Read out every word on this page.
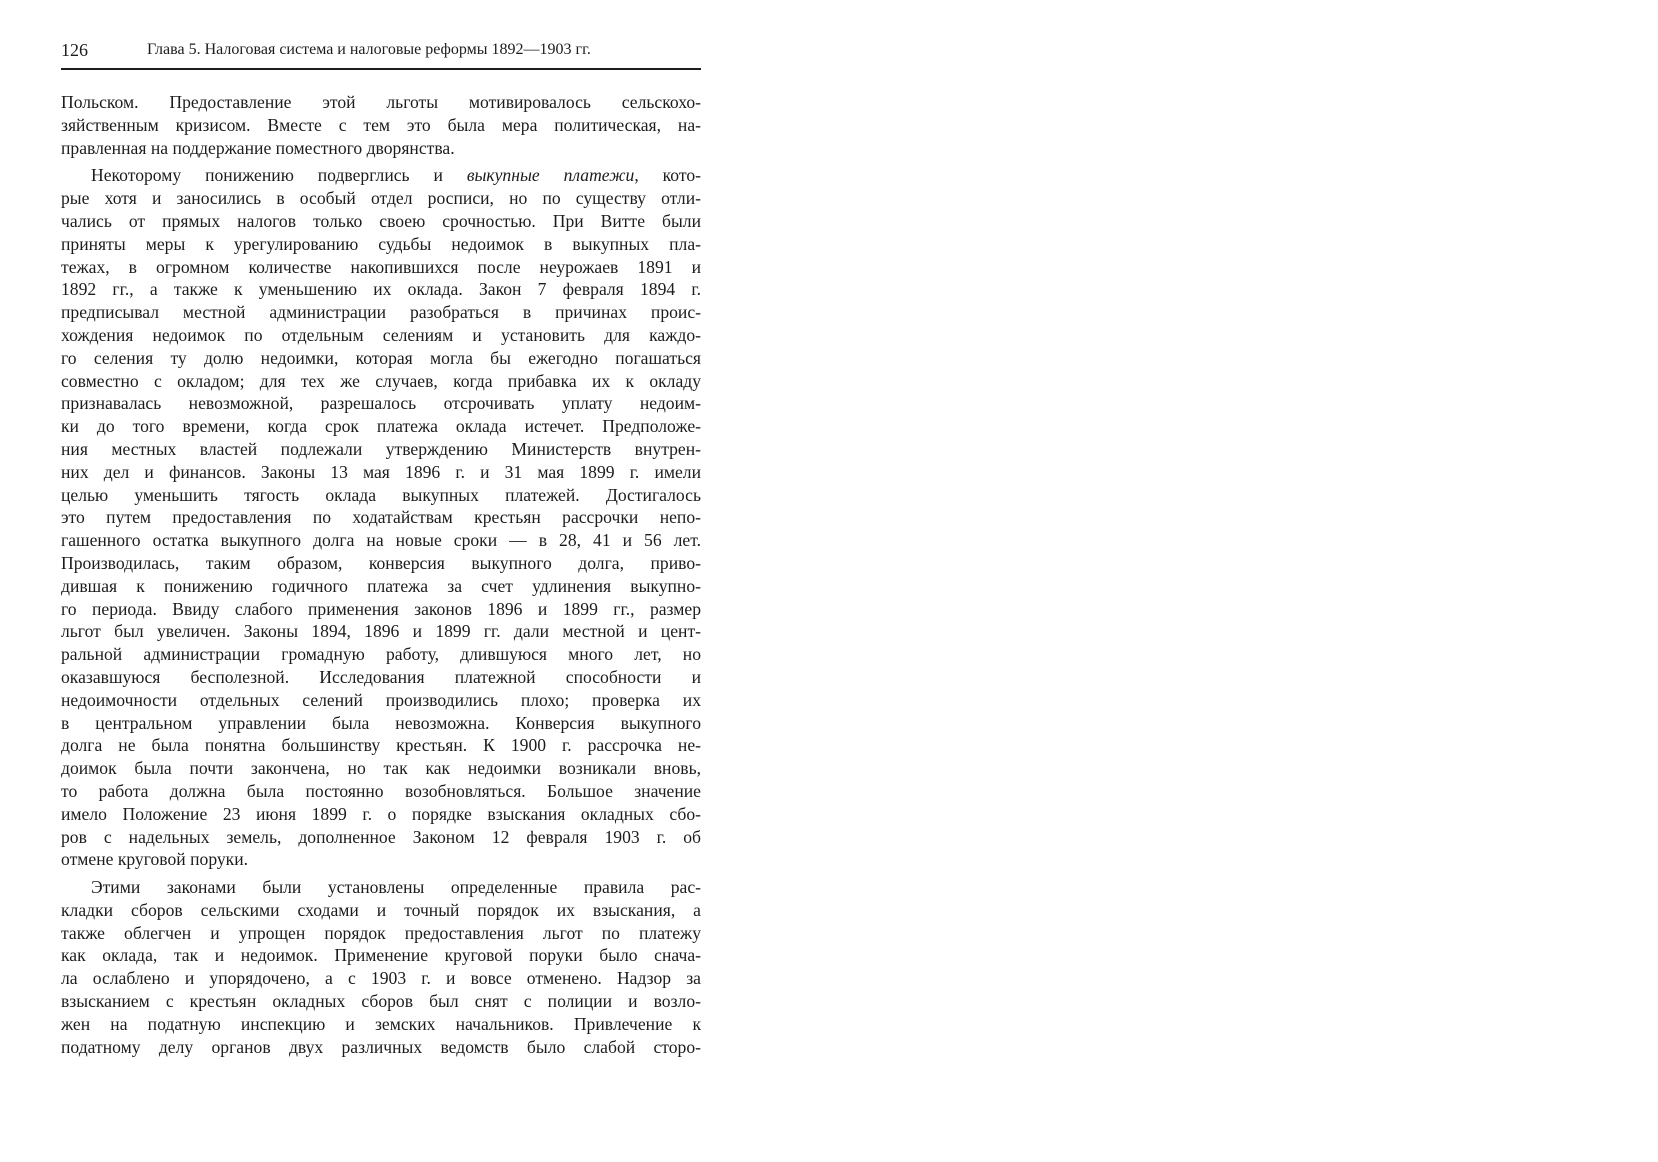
126	Глава 5. Налоговая система и налоговые реформы 1892—1903 гг.
Польском. Предоставление этой льготы мотивировалось сельскохо-
зяйственным кризисом. Вместе с тем это была мера политическая, на-
правленная на поддержание поместного дворянства.
Некоторому понижению подверглись и выкупные платежи, кото-
рые хотя и заносились в особый отдел росписи, но по существу отли-
чались от прямых налогов только своею срочностью. При Витте были
приняты меры к урегулированию судьбы недоимок в выкупных пла-
тежах, в огромном количестве накопившихся после неурожаев 1891 и
1892 гг., а также к уменьшению их оклада. Закон 7 февраля 1894 г.
предписывал местной администрации разобраться в причинах проис-
хождения недоимок по отдельным селениям и установить для каждо-
го селения ту долю недоимки, которая могла бы ежегодно погашаться
совместно с окладом; для тех же случаев, когда прибавка их к окладу
признавалась невозможной, разрешалось отсрочивать уплату недоим-
ки до того времени, когда срок платежа оклада истечет. Предположе-
ния местных властей подлежали утверждению Министерств внутрен-
них дел и финансов. Законы 13 мая 1896 г. и 31 мая 1899 г. имели
целью уменьшить тягость оклада выкупных платежей. Достигалось
это путем предоставления по ходатайствам крестьян рассрочки непо-
гашенного остатка выкупного долга на новые сроки — в 28, 41 и 56 лет.
Производилась, таким образом, конверсия выкупного долга, приво-
дившая к понижению годичного платежа за счет удлинения выкупно-
го периода. Ввиду слабого применения законов 1896 и 1899 гг., размер
льгот был увеличен. Законы 1894, 1896 и 1899 гг. дали местной и цент-
ральной администрации громадную работу, длившуюся много лет, но
оказавшуюся бесполезной. Исследования платежной способности и
недоимочности отдельных селений производились плохо; проверка их
в центральном управлении была невозможна. Конверсия выкупного
долга не была понятна большинству крестьян. К 1900 г. рассрочка не-
доимок была почти закончена, но так как недоимки возникали вновь,
то работа должна была постоянно возобновляться. Большое значение
имело Положение 23 июня 1899 г. о порядке взыскания окладных сбо-
ров с надельных земель, дополненное Законом 12 февраля 1903 г. об
отмене круговой поруки.
Этими законами были установлены определенные правила рас-
кладки сборов сельскими сходами и точный порядок их взыскания, а
также облегчен и упрощен порядок предоставления льгот по платежу
как оклада, так и недоимок. Применение круговой поруки было снача-
ла ослаблено и упорядочено, а с 1903 г. и вовсе отменено. Надзор за
взысканием с крестьян окладных сборов был снят с полиции и возло-
жен на податную инспекцию и земских начальников. Привлечение к
податному делу органов двух различных ведомств было слабой сторо-
